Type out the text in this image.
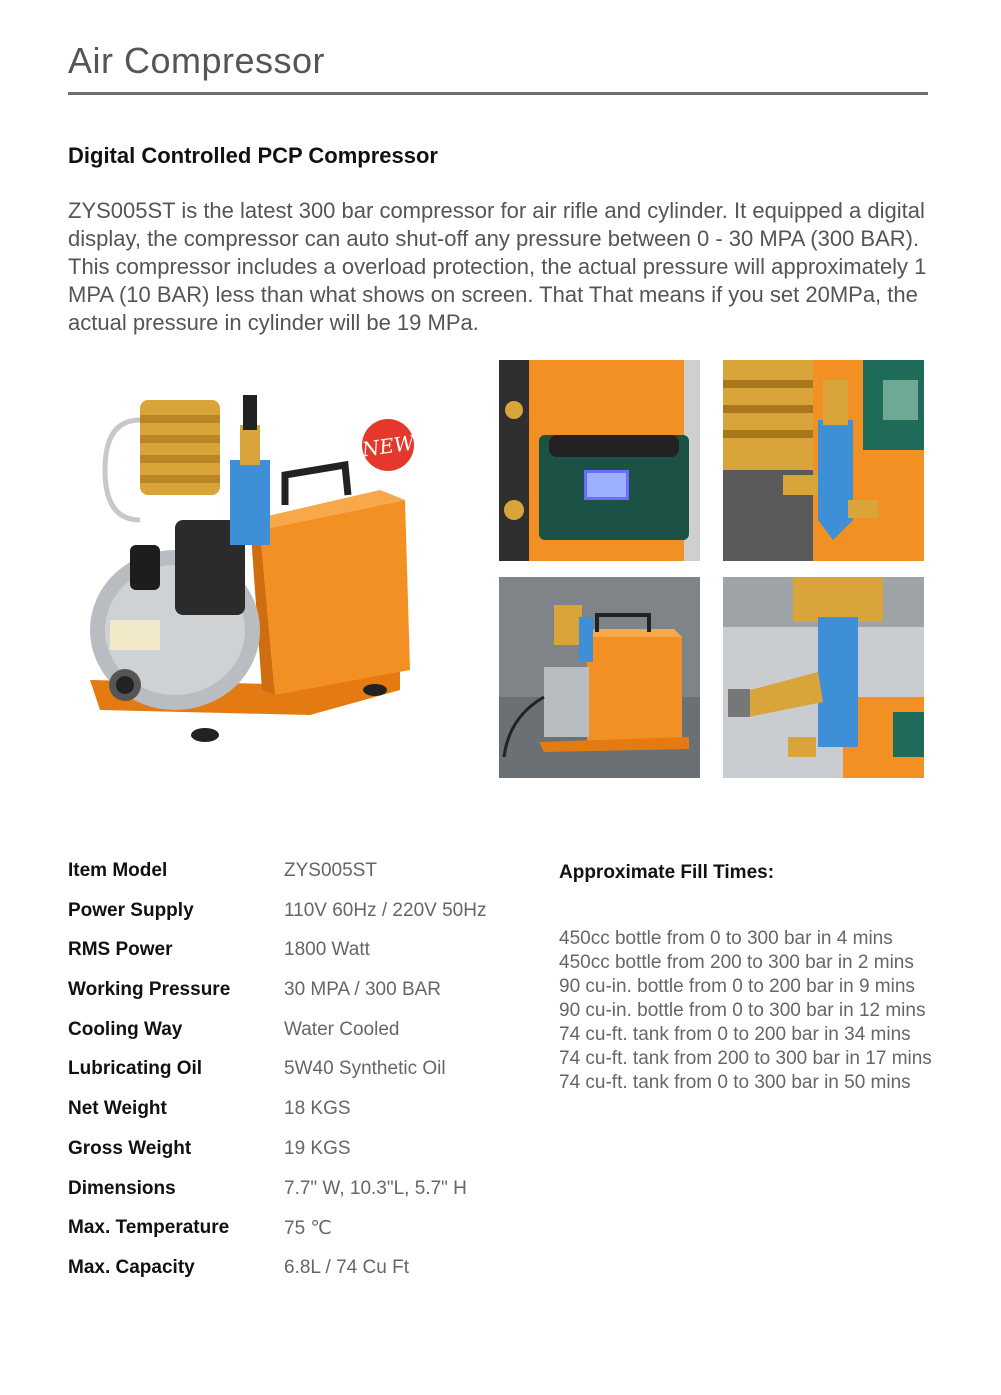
Air Compressor
Digital Controlled PCP Compressor
ZYS005ST is the latest 300 bar compressor for air rifle and cylinder. It equipped a digital display, the compressor can auto shut-off any pressure between 0 - 30 MPA (300 BAR). This compressor includes a overload protection, the actual pressure will approximately 1 MPA (10 BAR) less than what shows on screen. That That means if you set 20MPa, the actual pressure in cylinder will be 19 MPa.
NEW
Item Model	ZYS005ST
Power Supply	110V 60Hz / 220V 50Hz
RMS Power	1800 Watt
Working Pressure	30 MPA / 300 BAR
Cooling Way	Water Cooled
Lubricating Oil	5W40 Synthetic Oil
Net Weight	18 KGS
Gross Weight	19 KGS
Dimensions	7.7" W, 10.3"L, 5.7" H
Max. Temperature	75 ℃
Max. Capacity	6.8L / 74 Cu Ft
Approximate Fill Times:
450cc bottle from 0 to 300 bar in 4 mins
450cc bottle from 200 to 300 bar in 2 mins
90 cu-in. bottle from 0 to 200 bar in 9 mins
90 cu-in. bottle from 0 to 300 bar in 12 mins
74 cu-ft. tank from 0 to 200 bar in 34 mins
74 cu-ft. tank from 200 to 300 bar in 17 mins
74 cu-ft. tank from 0 to 300 bar in 50 mins
